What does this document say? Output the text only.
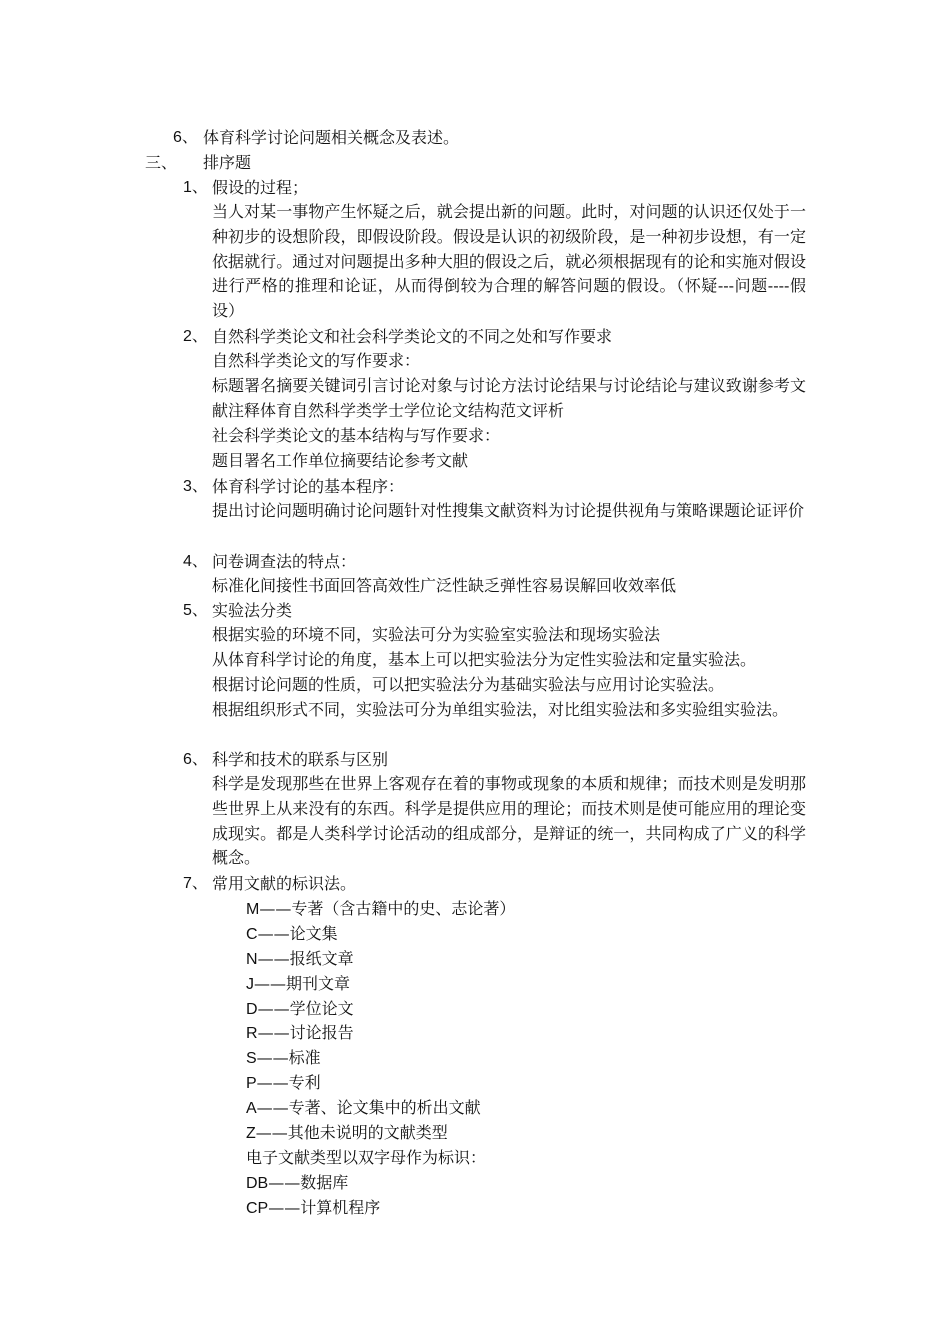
6、 体育科学讨论问题相关概念及表述。
三、 排序题
1、 假设的过程；
当人对某一事物产生怀疑之后，就会提出新的问题。此时，对问题的认识还仅处于一种初步的设想阶段，即假设阶段。假设是认识的初级阶段，是一种初步设想，有一定依据就行。通过对问题提出多种大胆的假设之后，就必须根据现有的论和实施对假设进行严格的推理和论证，从而得倒较为合理的解答问题的假设。（怀疑---问题----假设）
2、 自然科学类论文和社会科学类论文的不同之处和写作要求
自然科学类论文的写作要求：
标题署名摘要关键词引言讨论对象与讨论方法讨论结果与讨论结论与建议致谢参考文献注释体育自然科学类学士学位论文结构范文评析
社会科学类论文的基本结构与写作要求：
题目署名工作单位摘要结论参考文献
3、 体育科学讨论的基本程序：
提出讨论问题明确讨论问题针对性搜集文献资料为讨论提供视角与策略课题论证评价
4、 问卷调查法的特点：
标准化间接性书面回答高效性广泛性缺乏弹性容易误解回收效率低
5、 实验法分类
根据实验的环境不同，实验法可分为实验室实验法和现场实验法
从体育科学讨论的角度，基本上可以把实验法分为定性实验法和定量实验法。
根据讨论问题的性质，可以把实验法分为基础实验法与应用讨论实验法。
根据组织形式不同，实验法可分为单组实验法，对比组实验法和多实验组实验法。
6、 科学和技术的联系与区别
科学是发现那些在世界上客观存在着的事物或现象的本质和规律；而技术则是发明那些世界上从来没有的东西。科学是提供应用的理论；而技术则是使可能应用的理论变成现实。都是人类科学讨论活动的组成部分，是辩证的统一，共同构成了广义的科学概念。
7、 常用文献的标识法。
M——专著（含古籍中的史、志论著）
C——论文集
N——报纸文章
J——期刊文章
D——学位论文
R——讨论报告
S——标准
P——专利
A——专著、论文集中的析出文献
Z——其他未说明的文献类型
电子文献类型以双字母作为标识：
DB——数据库
CP——计算机程序
